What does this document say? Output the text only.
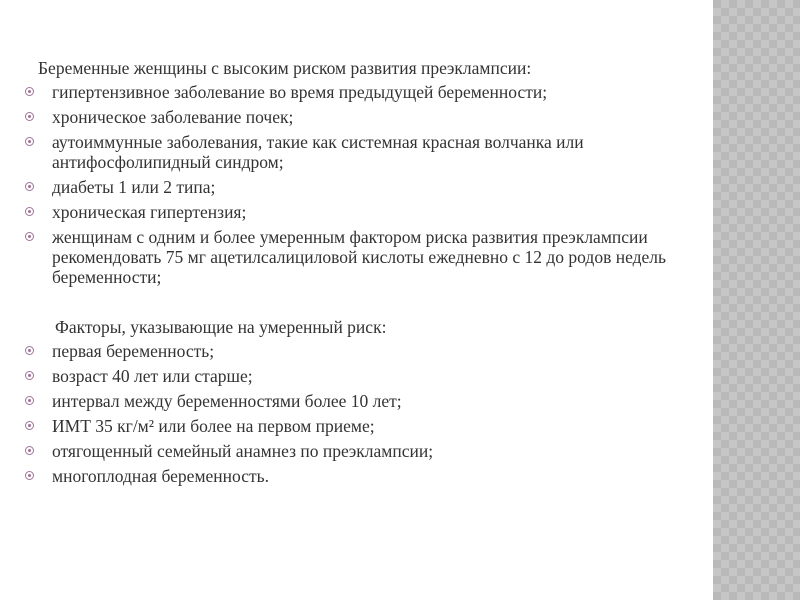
Беременные женщины с высоким риском развития преэклампсии:

гипертензивное заболевание во время предыдущей беременности;
хроническое заболевание почек;
аутоиммунные заболевания, такие как системная красная волчанка или антифосфолипидный синдром;
диабеты 1 или 2 типа;
хроническая гипертензия;
женщинам с одним и более умеренным фактором риска развития преэклампсии рекомендовать 75 мг ацетилсалициловой кислоты ежедневно с 12 до родов недель беременности;

Факторы, указывающие на умеренный риск:

первая беременность;
возраст 40 лет или старше;
интервал между беременностями более 10 лет;
ИМТ 35 кг/м² или более на первом приеме;
отягощенный семейный анамнез по преэклампсии;
многоплодная беременность.
